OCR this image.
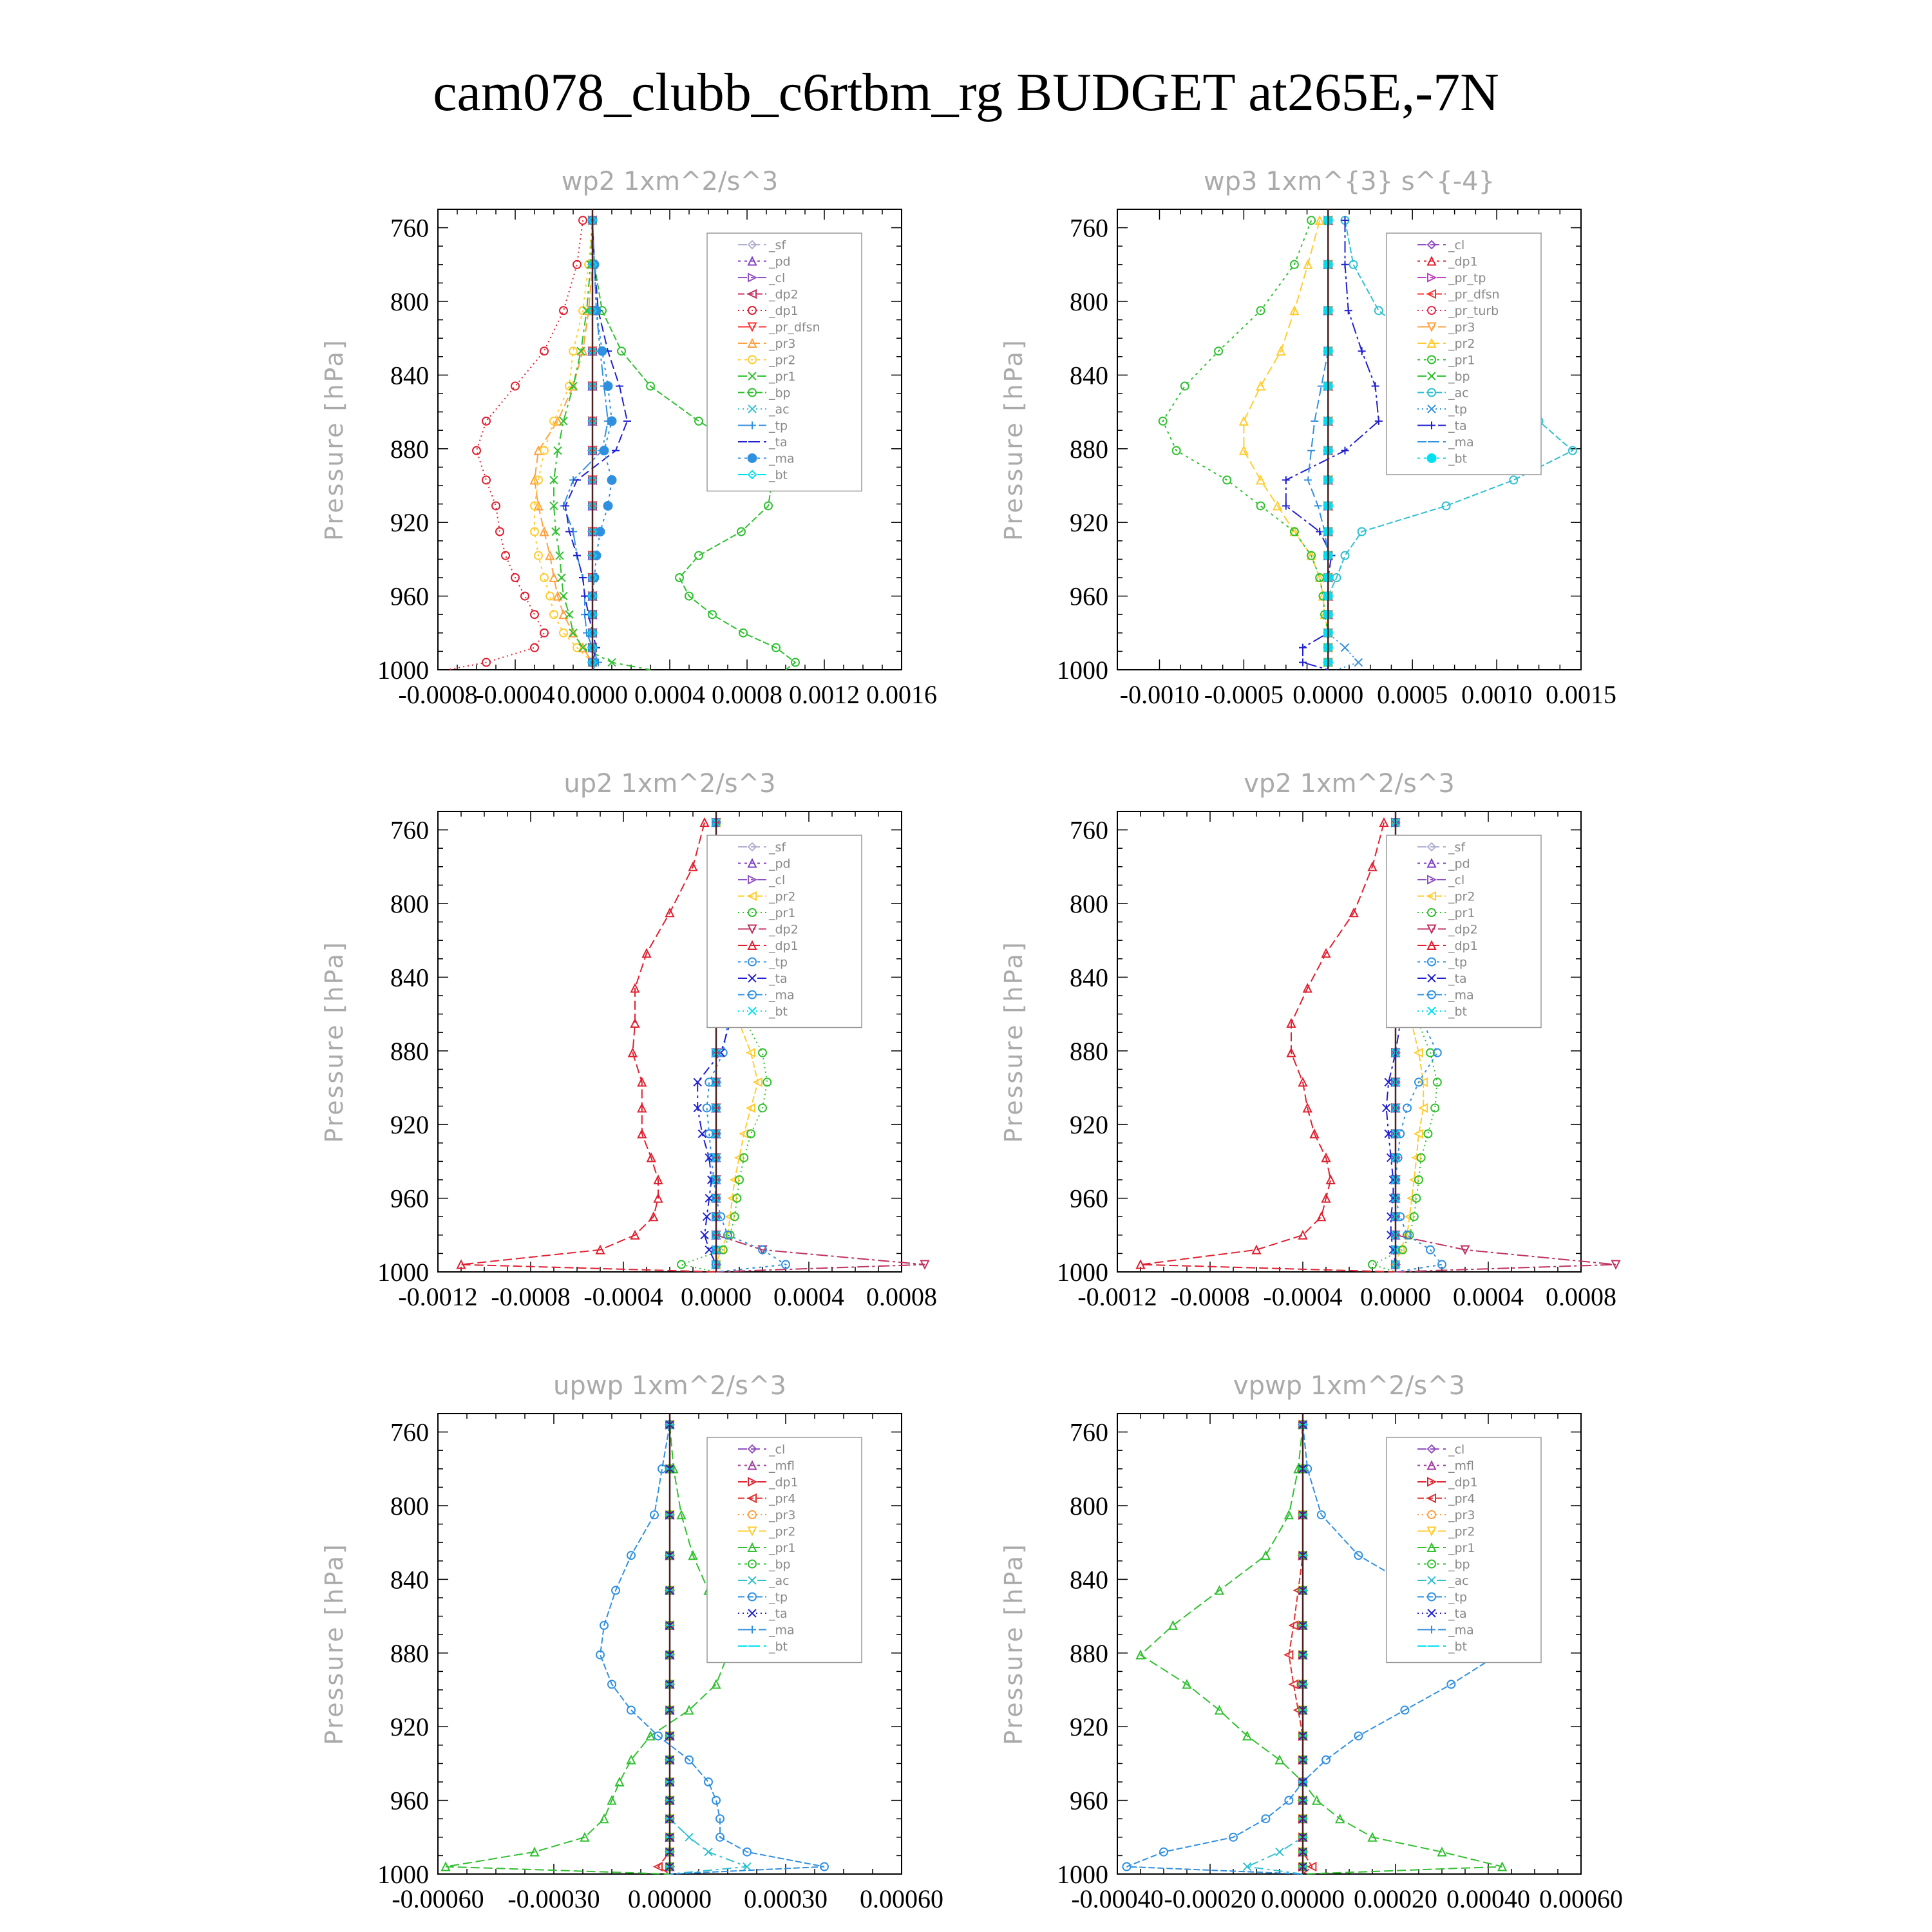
cam078_clubb_c6rtbm_rg BUDGET at265E,-7N
wp2 1xm^2/s^3
Pressure [hPa]
760
800
840
880
920
960
1000
-0.0008
-0.0004 0.0000 0.0004 0.0008 0.0012 0.0016
_sf
_pd
_cl
_dp2
_dp1
_pr_dfsn
_pr3
_pr2
_pr1
_bp
_ac
_tp
_ta
_ma
_bt
wp3 1xm^{3} s^{-4}
Pressure [hPa]
760
800
840
880
920
960
1000
-0.0010 -0.0005 0.0000 0.0005 0.0010 0.0015
_cl
_dp1
_pr_tp
_pr_dfsn
_pr_turb
_pr3
_pr2
_pr1
_bp
_ac
_tp
_ta
_ma
_bt
up2 1xm^2/s^3
Pressure [hPa]
760
800
840
880
920
960
1000
-0.0012 -0.0008 -0.0004 0.0000 0.0004 0.0008
_sf
_pd
_cl
_pr2
_pr1
_dp2
_dp1
_tp
_ta
_ma
_bt
vp2 1xm^2/s^3
Pressure [hPa]
760
800
840
880
920
960
1000
-0.0012 -0.0008 -0.0004 0.0000 0.0004 0.0008
_sf
_pd
_cl
_pr2
_pr1
_dp2
_dp1
_tp
_ta
_ma
_bt
upwp 1xm^2/s^3
Pressure [hPa]
760
800
840
880
920
960
1000
-0.00060 -0.00030 0.00000 0.00030 0.00060
_cl
_mfl
_dp1
_pr4
_pr3
_pr2
_pr1
_bp
_ac
_tp
_ta
_ma
_bt
vpwp 1xm^2/s^3
Pressure [hPa]
760
800
840
880
920
960
1000
-0.00040 -0.00020 0.00000 0.00020 0.00040 0.00060
_cl
_mfl
_dp1
_pr4
_pr3
_pr2
_pr1
_bp
_ac
_tp
_ta
_ma
_bt
